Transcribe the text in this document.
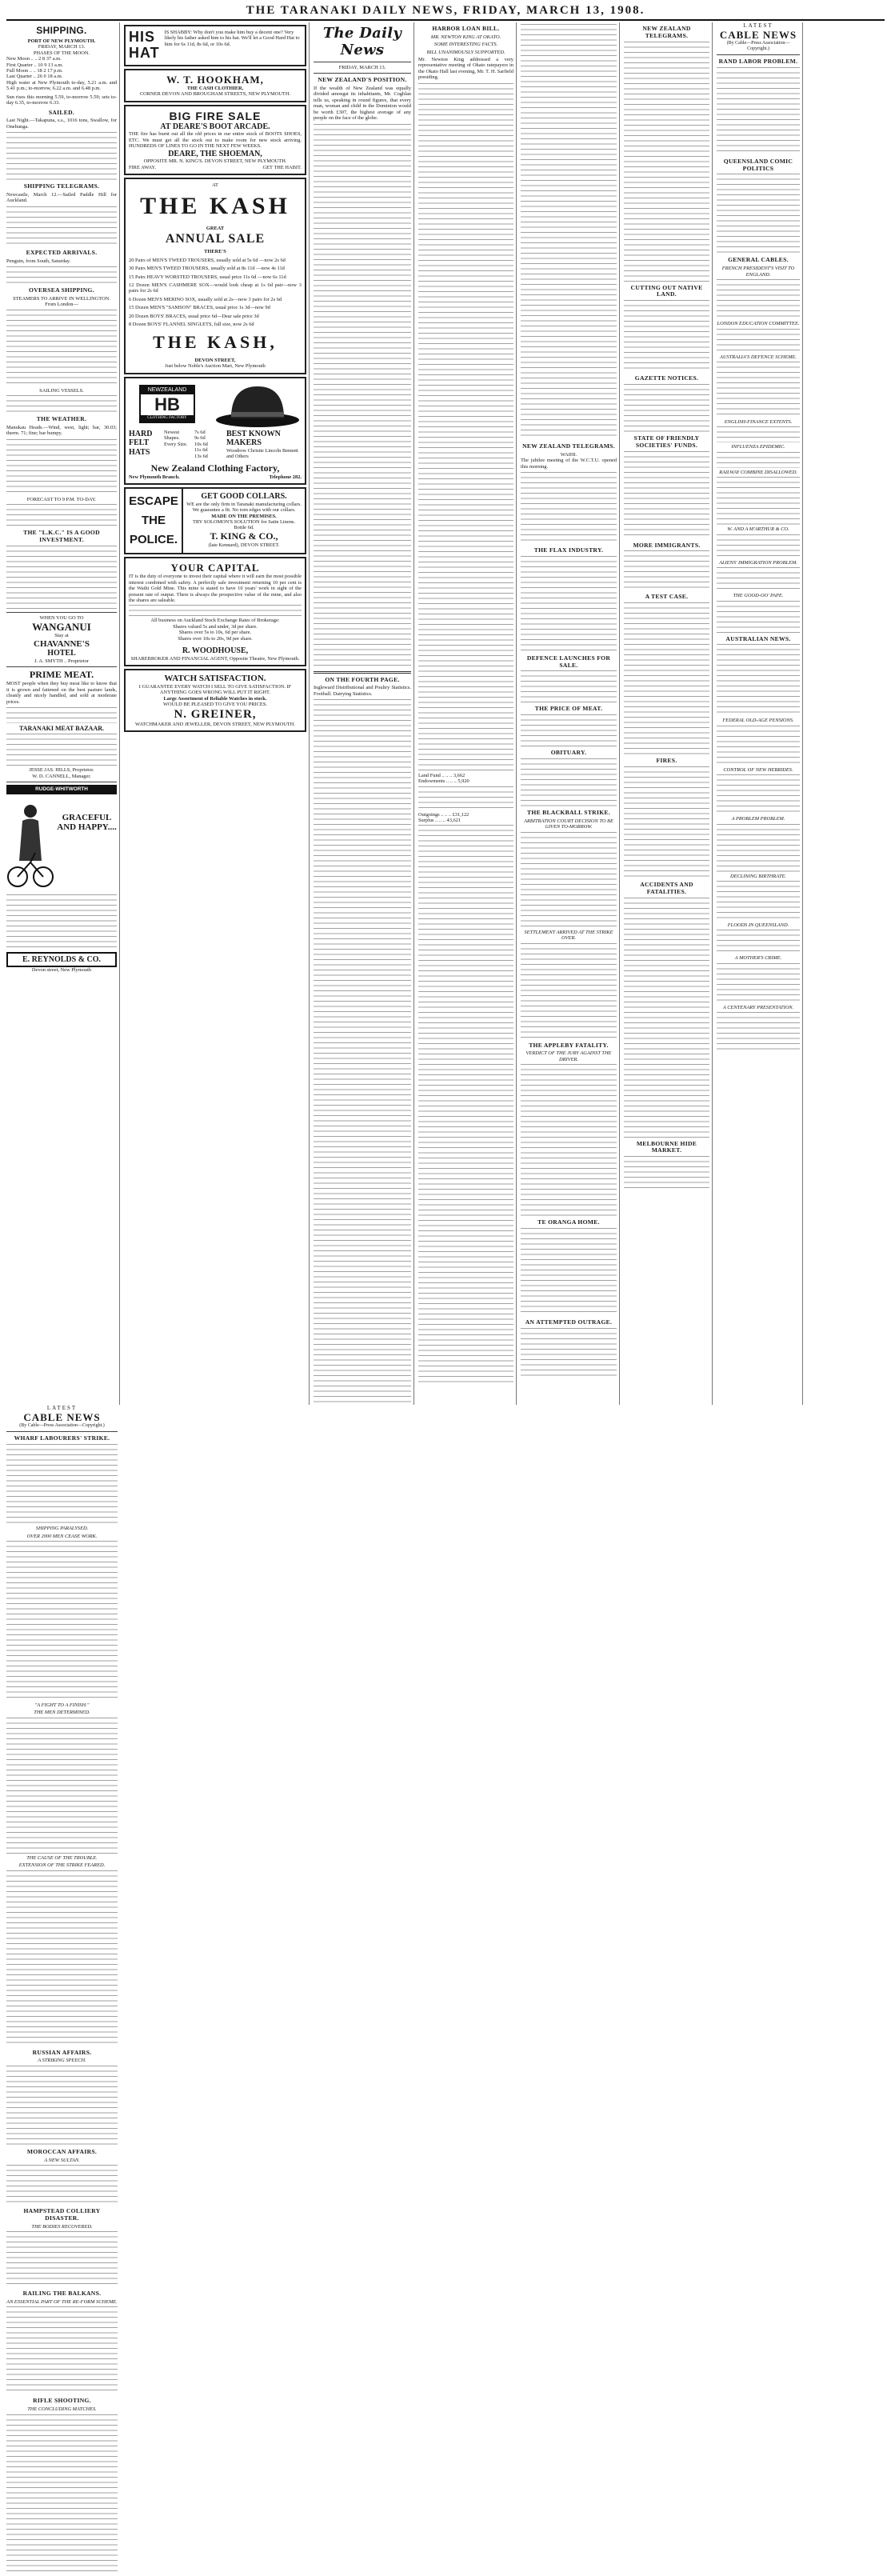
THE TARANAKI DAILY NEWS, FRIDAY, MARCH 13, 1908.
SHIPPING.
PORT OF NEW PLYMOUTH.
FRIDAY, MARCH 13.
PHASES OF THE MOON.
New Moon .. .. 2 8 37 a.m.
First Quarter .. 10 9 13 a.m.
Full Moon .. .. 18 2 17 p.m.
Last Quarter .. 26 0 18 a.m.
High water at New Plymouth to-day, 5.21 a.m. and 5.41 p.m.; to-morrow, 6.22 a.m. and 6.48 p.m.
Sun rises this morning 5.59, to-morrow 5.59; sets to-day 6.35, to-morrow 6.33.
SAILED.
Last Night.—Takapuna, s.s., 1016 tons, Swallow, for Onehunga.
SHIPPING TELEGRAMS.
Newcastle, March 12.—Sailed Paddle Hill for Auckland.
EXPECTED ARRIVALS.
Penguin, from South, Saturday.
OVERSEA SHIPPING.
STEAMERS TO ARRIVE IN WELLINGTON.
From London—
SAILING VESSELS.
THE WEATHER.
Manukau Heads.—Wind, west, light; bar, 30.03; therm. 71; fine; bar bumpy.
FORECAST TO 9 P.M. TO-DAY.
THE "L.K.C." IS A GOOD INVESTMENT.
WHEN YOU GO TO
WANGANUI
Stay at
CHAVANNE'S
HOTEL
J. A. SMYTH .. Proprietor
PRIME MEAT.
MOST people when they buy meat like to know that it is grown and fattened on the best pasture lands, cleanly and nicely handled, and sold at moderate prices.
TARANAKI MEAT BAZAAR.
JESSE JAS. HILLS, Proprietor.
W. D. CANNELL, Manager.
RUDGE-WHITWORTH
GRACEFUL AND HAPPY....
E. REYNOLDS & CO.
Devon street, New Plymouth
HIS HAT
IS SHABBY: Why don't you make him buy a decent one? Very likely his father asked him to his hat. We'll let a Good Hard Hat to him for 6s 11d, 8s 6d, or 10s 6d.
W. T. HOOKHAM,
THE CASH CLOTHIER,
CORNER DEVON AND BROUGHAM STREETS, NEW PLYMOUTH.
BIG FIRE SALE
AT DEARE'S BOOT ARCADE.
THE fire has burnt out all the old prices in our entire stock of BOOTS SHOES, ETC. We must get all the stock out to make room for new stock arriving. HUNDREDS OF LINES TO GO IN THE NEXT FEW WEEKS.
DEARE, THE SHOEMAN,
OPPOSITE MR. N. KING'S. DEVON STREET, NEW PLYMOUTH.
FIRE AWAY.	GET THE HABIT.
AT
THE KASH
GREAT
ANNUAL SALE
THERE'S
20 Pairs of MEN'S TWEED TROUSERS, usually sold at 5s 6d —now 2s 6d
30 Pairs MEN'S TWEED TROUSERS, usually sold at 8s 11d —now 4s 11d
15 Pairs HEAVY WORSTED TROUSERS, usual price 11s 6d —now 6s 11d
12 Dozen MEN'S CASHMERE SOX—would look cheap at 1s 6d pair—now 3 pairs for 2s 6d
6 Dozen MEN'S MERINO SOX, usually sold at 2s—now 3 pairs for 2s 6d
15 Dozen MEN'S "SAMSON" BRACES, usual price 1s 3d—now 9d
20 Dozen BOYS' BRACES, usual price 6d—Dear sale price 3d
8 Dozen BOYS' FLANNEL SINGLETS, full size, now 2s 6d
THE KASH,
DEVON STREET,
Just below Noble's Auction Mart, New Plymouth
NEWZEALAND
HB
CLOTHING FACTORY
HARD FELT HATS
Newest Shapes. Every Size.
7s 6d
9s 6d
10s 6d
11s 6d
13s 6d
BEST KNOWN MAKERS
Woodrow Christie Lincoln Bennett and Others
New Zealand Clothing Factory,
New Plymouth Branch.	Telephone 282.
ESCAPE
THE
POLICE.
GET GOOD COLLARS.
WE are the only firm in Taranaki manufacturing collars. We guarantee a fit. No torn edges with our collars.
MADE ON THE PREMISES.
TRY SOLOMON'S SOLUTION for Satin Linens. Bottle 6d.
T. KING & CO.,
(late Kennard), DEVON STREET.
YOUR CAPITAL
IT is the duty of everyone to invest their capital where it will earn the most possible interest combined with safety. A perfectly safe investment returning 10 per cent is the Waihi Gold Mine. This mine is stated to have 10 years' work in sight of the present rate of output. There is always the prospective value of the mine, and also the shares are saleable.
All business on Auckland Stock Exchange Rates of Brokerage:
Shares valued 5s and under, 3d per share.
Shares over 5s to 10s, 6d per share.
Shares over 10s to 20s, 9d per share.
R. WOODHOUSE,
SHAREBROKER AND FINANCIAL AGENT, Opposite Theatre, New Plymouth.
WATCH SATISFACTION.
I GUARANTEE EVERY WATCH I SELL TO GIVE SATISFACTION. IF ANYTHING GOES WRONG WILL PUT IT RIGHT.
Large Assortment of Reliable Watches in stock.
WOULD BE PLEASED TO GIVE YOU PRICES.
N. GREINER,
WATCHMAKER AND JEWELLER, DEVON STREET, NEW PLYMOUTH.
The Daily News
FRIDAY, MARCH 13.
NEW ZEALAND'S POSITION.
If the wealth of New Zealand was equally divided amongst its inhabitants, Mr. Coghlan tells us, speaking in round figures, that every man, woman and child in the Dominion would be worth £307, the highest average of any people on the face of the globe.
ON THE FOURTH PAGE.
Ingleward Distributional and Poultry Statistics. Football. Dairying Statistics.
HARBOR LOAN BILL.
MR. NEWTON KING AT OKATO.
SOME INTERESTING FACTS.
BILL UNANIMOUSLY SUPPORTED.
Mr. Newton King addressed a very representative meeting of Okato ratepayers in the Okato Hall last evening, Mr. T. H. Sarfield presiding.
Land Fund .. .. .. 3,662
Endowments .. .. .. 5,920
Outgoings .. .. .. £31,122
Surplus .. .. .. 43,621
NEW ZEALAND TELEGRAMS.
WAIHI.
The jubilee meeting of the W.C.T.U. opened this morning.
THE FLAX INDUSTRY.
DEFENCE LAUNCHES FOR SALE.
THE PRICE OF MEAT.
OBITUARY.
THE BLACKBALL STRIKE.
ARBITRATION COURT DECISION TO BE GIVEN TO-MORROW.
SETTLEMENT ARRIVED AT THE STRIKE OVER.
THE APPLEBY FATALITY.
VERDICT OF THE JURY AGAINST THE DRIVER.
TE ORANGA HOME.
AN ATTEMPTED OUTRAGE.
NEW ZEALAND TELEGRAMS.
CUTTING OUT NATIVE LAND.
GAZETTE NOTICES.
STATE OF FRIENDLY SOCIETIES' FUNDS.
MORE IMMIGRANTS.
A TEST CASE.
FIRES.
ACCIDENTS AND FATALITIES.
MELBOURNE HIDE MARKET.
LATEST
CABLE NEWS
(By Cable—Press Association—Copyright.)
RAND LABOR PROBLEM.
QUEENSLAND COMIC POLITICS
GENERAL CABLES.
FRENCH PRESIDENT'S VISIT TO ENGLAND.
LONDON EDUCATION COMMITTEE.
AUSTRALIA'S DEFENCE SCHEME.
ENGLISH-FINANCE EXTENTS.
INFLUENZA EPIDEMIC.
RAILWAY COMBINE DISALLOWED.
W. AND A M'ARTHUR & CO.
ALIENS' IMMIGRATION PROBLEM.
THE GOOD-OO' PAPE.
AUSTRALIAN NEWS.
FEDERAL OLD-AGE PENSIONS.
CONTROL OF NEW HEBRIDES.
A PROBLEM PROBLEM.
DECLINING BIRTHRATE.
FLOODS IN QUEENSLAND.
A MOTHER'S CRIME.
A CENTENARY PRESENTATION.
LATEST
CABLE NEWS
(By Cable—Press Association—Copyright.)
WHARF LABOURERS' STRIKE.
SHIPPING PARALYSED.
OVER 2000 MEN CEASE WORK.
"A FIGHT TO A FINISH."
THE MEN DETERMINED.
THE CAUSE OF THE TROUBLE.
EXTENSION OF THE STRIKE FEARED.
RUSSIAN AFFAIRS.
A STRIKING SPEECH.
MOROCCAN AFFAIRS.
A NEW SULTAN.
HAMPSTEAD COLLIERY DISASTER.
THE BODIES RECOVERED.
RAILING THE BALKANS.
AN ESSENTIAL PART OF THE RE-FORM SCHEME.
RIFLE SHOOTING.
THE CONCLUDING MATCHES.
